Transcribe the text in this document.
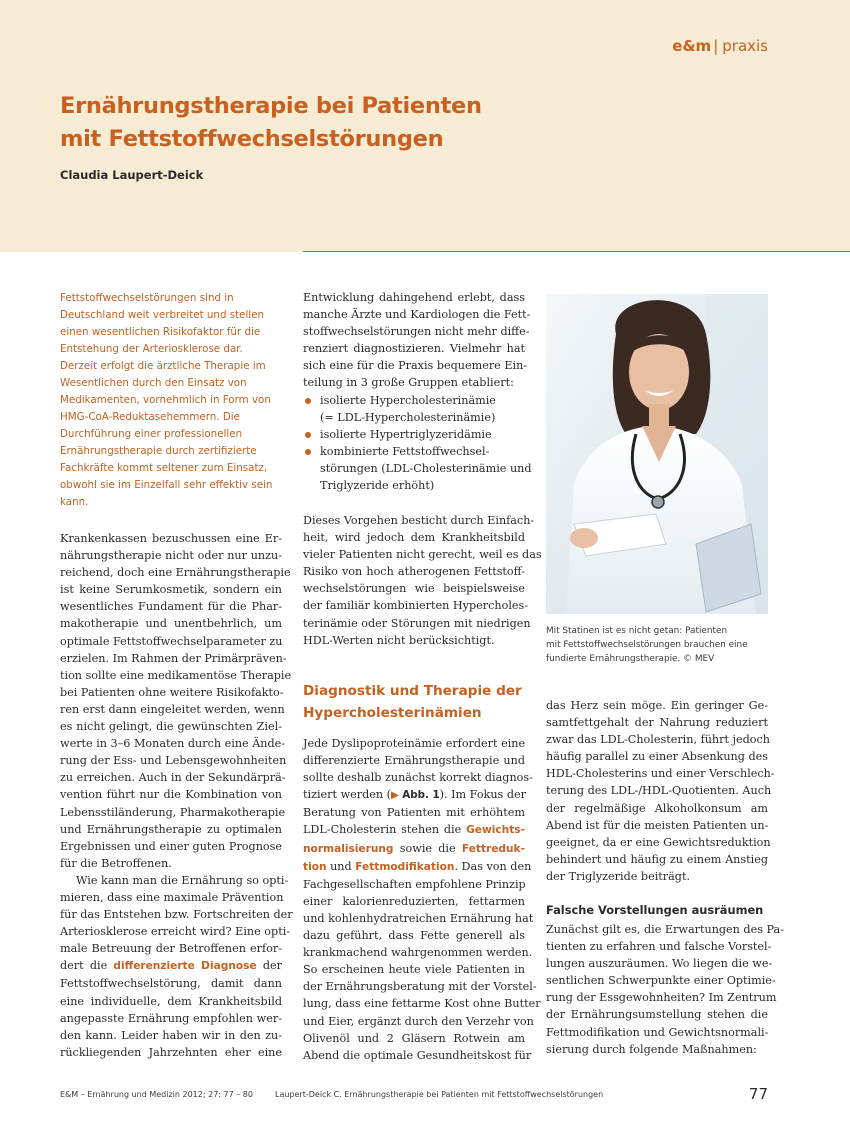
e&m | praxis
Ernährungstherapie bei Patienten
mit Fettstoffwechselstörungen
Claudia Laupert-Deick
Fettstoffwechselstörungen sind in
Deutschland weit verbreitet und stellen
einen wesentlichen Risikofaktor für die
Entstehung der Arteriosklerose dar.
Derzeit erfolgt die ärztliche Therapie im
Wesentlichen durch den Einsatz von
Medikamenten, vornehmlich in Form von
HMG-CoA-Reduktasehemmern. Die
Durchführung einer professionellen
Ernährungstherapie durch zertifizierte
Fachkräfte kommt seltener zum Einsatz,
obwohl sie im Einzelfall sehr effektiv sein
kann.
Krankenkassen bezuschussen eine Er-
nährungstherapie nicht oder nur unzu-
reichend, doch eine Ernährungstherapie
ist keine Serumkosmetik, sondern ein
wesentliches Fundament für die Phar-
makotherapie und unentbehrlich, um
optimale Fettstoffwechselparameter zu
erzielen. Im Rahmen der Primärpräven-
tion sollte eine medikamentöse Therapie
bei Patienten ohne weitere Risikofakto-
ren erst dann eingeleitet werden, wenn
es nicht gelingt, die gewünschten Ziel-
werte in 3–6 Monaten durch eine Ände-
rung der Ess- und Lebensgewohnheiten
zu erreichen. Auch in der Sekundärprä-
vention führt nur die Kombination von
Lebensstiländerung, Pharmakotherapie
und Ernährungstherapie zu optimalen
Ergebnissen und einer guten Prognose
für die Betroffenen.
Wie kann man die Ernährung so opti-
mieren, dass eine maximale Prävention
für das Entstehen bzw. Fortschreiten der
Arteriosklerose erreicht wird? Eine opti-
male Betreuung der Betroffenen erfor-
dert die differenzierte Diagnose der
Fettstoffwechselstörung, damit dann
eine individuelle, dem Krankheitsbild
angepasste Ernährung empfohlen wer-
den kann. Leider haben wir in den zu-
rückliegenden Jahrzehnten eher eine
Entwicklung dahingehend erlebt, dass
manche Ärzte und Kardiologen die Fett-
stoffwechselstörungen nicht mehr diffe-
renziert diagnostizieren. Vielmehr hat
sich eine für die Praxis bequemere Ein-
teilung in 3 große Gruppen etabliert:
isolierte Hypercholesterinämie
(= LDL-Hypercholesterinämie)
isolierte Hypertriglyzeridämie
kombinierte Fettstoffwechsel-
störungen (LDL-Cholesterinämie und
Triglyzeride erhöht)
Dieses Vorgehen besticht durch Einfach-
heit, wird jedoch dem Krankheitsbild
vieler Patienten nicht gerecht, weil es das
Risiko von hoch atherogenen Fettstoff-
wechselstörungen wie beispielsweise
der familiär kombinierten Hypercholes-
terinämie oder Störungen mit niedrigen
HDL-Werten nicht berücksichtigt.
Diagnostik und Therapie der
Hypercholesterinämien
Jede Dyslipoproteinämie erfordert eine
differenzierte Ernährungstherapie und
sollte deshalb zunächst korrekt diagnos-
tiziert werden (▶ Abb. 1). Im Fokus der
Beratung von Patienten mit erhöhtem
LDL-Cholesterin stehen die Gewichts-
normalisierung sowie die Fettreduk-
tion und Fettmodifikation. Das von den
Fachgesellschaften empfohlene Prinzip
einer kalorienreduzierten, fettarmen
und kohlenhydratreichen Ernährung hat
dazu geführt, dass Fette generell als
krankmachend wahrgenommen werden.
So erscheinen heute viele Patienten in
der Ernährungsberatung mit der Vorstel-
lung, dass eine fettarme Kost ohne Butter
und Eier, ergänzt durch den Verzehr von
Olivenöl und 2 Gläsern Rotwein am
Abend die optimale Gesundheitskost für
Mit Statinen ist es nicht getan: Patienten
mit Fettstoffwechselstörungen brauchen eine
fundierte Ernährungstherapie. © MEV
das Herz sein möge. Ein geringer Ge-
samtfettgehalt der Nahrung reduziert
zwar das LDL-Cholesterin, führt jedoch
häufig parallel zu einer Absenkung des
HDL-Cholesterins und einer Verschlech-
terung des LDL-/HDL-Quotienten. Auch
der regelmäßige Alkoholkonsum am
Abend ist für die meisten Patienten un-
geeignet, da er eine Gewichtsreduktion
behindert und häufig zu einem Anstieg
der Triglyzeride beiträgt.
Falsche Vorstellungen ausräumen
Zunächst gilt es, die Erwartungen des Pa-
tienten zu erfahren und falsche Vorstel-
lungen auszuräumen. Wo liegen die we-
sentlichen Schwerpunkte einer Optimie-
rung der Essgewohnheiten? Im Zentrum
der Ernährungsumstellung stehen die
Fettmodifikation und Gewichtsnormali-
sierung durch folgende Maßnahmen:
E&M – Ernährung und Medizin 2012; 27: 77 – 80	Laupert-Deick C. Ernährungstherapie bei Patienten mit Fettstoffwechselstörungen	77
